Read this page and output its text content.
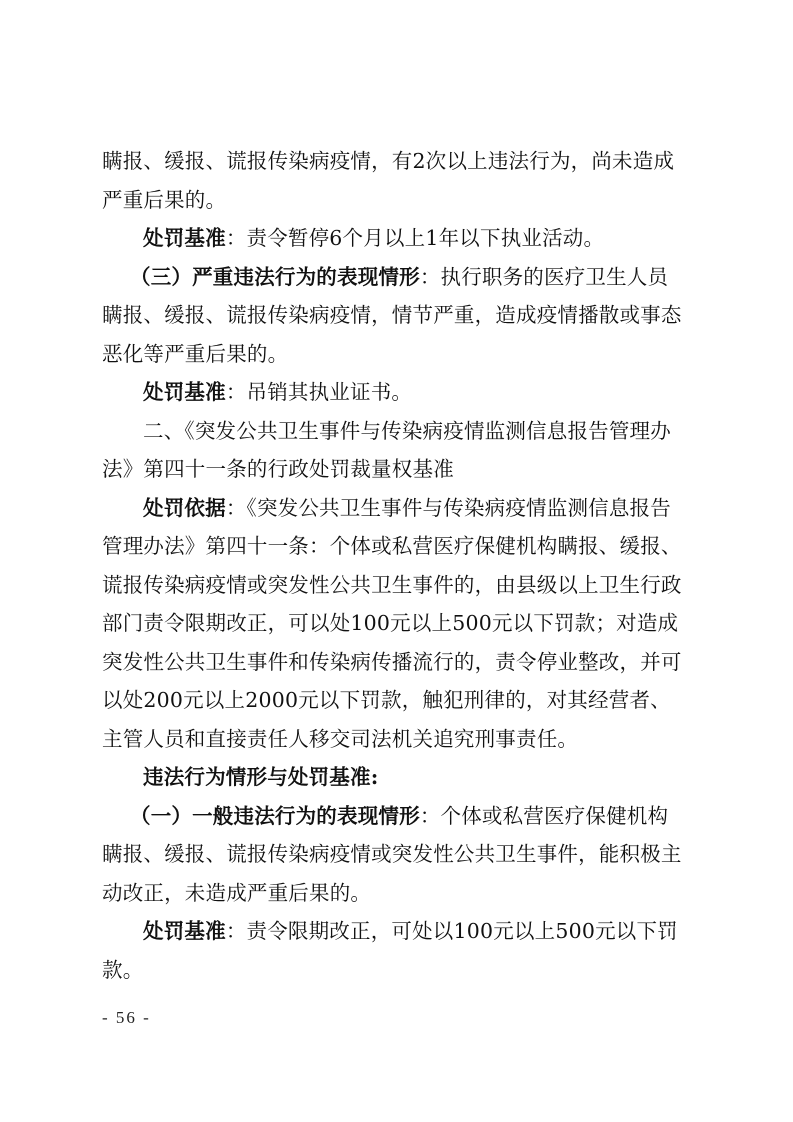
瞒报、缓报、谎报传染病疫情，有2次以上违法行为，尚未造成
严重后果的。
处罚基准：责令暂停6个月以上1年以下执业活动。
（三）严重违法行为的表现情形：执行职务的医疗卫生人员
瞒报、缓报、谎报传染病疫情，情节严重，造成疫情播散或事态
恶化等严重后果的。
处罚基准：吊销其执业证书。
二、《突发公共卫生事件与传染病疫情监测信息报告管理办
法》第四十一条的行政处罚裁量权基准
处罚依据：《突发公共卫生事件与传染病疫情监测信息报告
管理办法》第四十一条：个体或私营医疗保健机构瞒报、缓报、
谎报传染病疫情或突发性公共卫生事件的，由县级以上卫生行政
部门责令限期改正，可以处100元以上500元以下罚款；对造成
突发性公共卫生事件和传染病传播流行的，责令停业整改，并可
以处200元以上2000元以下罚款，触犯刑律的，对其经营者、
主管人员和直接责任人移交司法机关追究刑事责任。
违法行为情形与处罚基准:
（一）一般违法行为的表现情形：个体或私营医疗保健机构
瞒报、缓报、谎报传染病疫情或突发性公共卫生事件，能积极主
动改正，未造成严重后果的。
处罚基准：责令限期改正，可处以100元以上500元以下罚
款。
- 56 -
